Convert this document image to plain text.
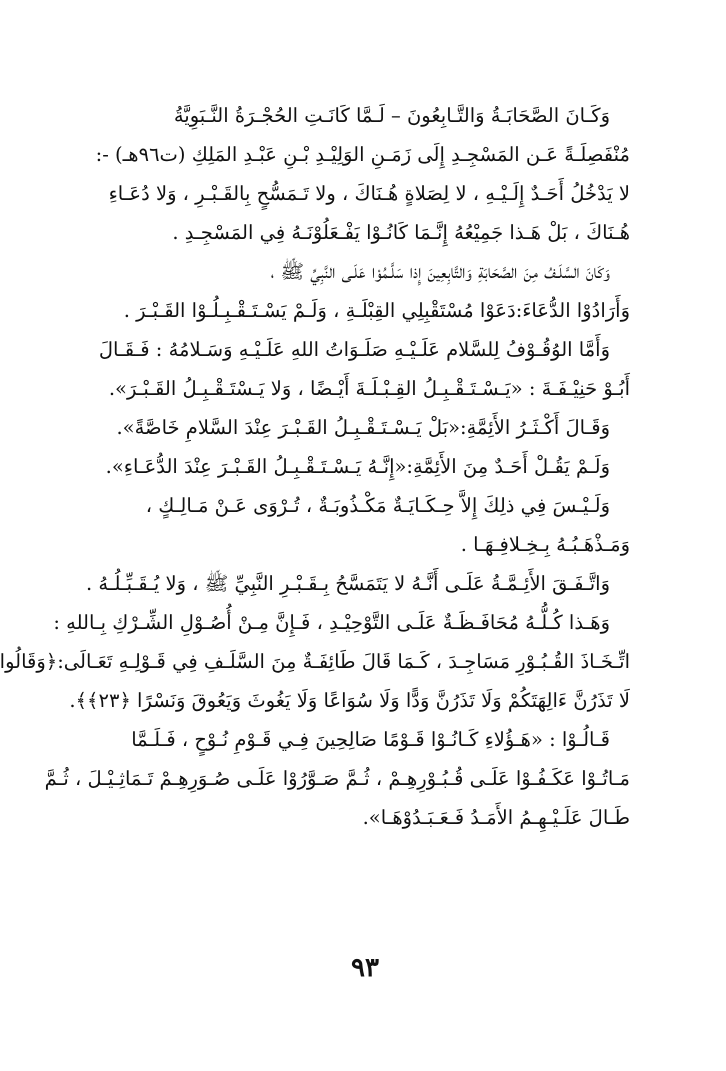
وَكَـانَ الصَّحَابَـةُ وَالتَّـابِعُونَ – لَـمَّا كَانَـتِ الحُجْـرَةُ النَّـبَوِيَّةُ
مُنْفَصِلَـةً عَـن المَسْجِـدِ إِلَى زَمَـنِ الوَلِيْـدِ بْـنِ عَبْـدِ المَلِكِ (ت٩٦هـ) -:
لا يَدْخُلُ أَحَـدٌ إِلَـيْـهِ ، لا لِصَلاةٍ هُـنَاكَ ، ولا تَـمَسُّحٍ بِالقَـبْـرِ ، وَلا دُعَـاءِ
هُـنَاكَ ، بَلْ هَـذا جَمِيْعُهُ إِنَّـمَا كَانُـوْا يَفْـعَلُوْنَـهُ فِي المَسْجِـدِ .

وَكَانَ السَّلَـفُ مِنَ الصَّحَابَةِ وَالتَّابِعِينَ إِذا سَلَّـمُوْا عَلَـى النَّبِيِّ ﷺ ،
وَأَرَادُوْا الدُّعَاءَ:دَعَوْا مُسْتَقْبِلِي القِبْلَـةِ ، وَلَـمْ يَسْـتَـقْـبِـلُـوْا القَـبْـرَ .

وَأَمَّا الوُقُـوْفُ لِلسَّلام عَلَـيْـهِ صَلَـوَاتُ اللهِ عَلَـيْـهِ وَسَـلامُهُ : فَـقَـالَ
أَبُـوْ حَنِيْـفَـةَ : «يَـسْـتَـقْـبِـلُ القِـبْـلَـةَ أَيْـضًا ، وَلا يَـسْتَـقْـبِـلُ القَـبْـرَ».

وَقَـالَ أَكْـثَـرُ الأَئِمَّةِ:«بَلْ يَـسْـتَـقْـبِـلُ القَـبْـرَ عِنْدَ السَّلامِ خَاصَّةً».

وَلَـمْ يَقُـلْ أَحَـدٌ مِنَ الأَئِمَّةِ:«إِنَّـهُ يَـسْـتَـقْـبِـلُ القَـبْـرَ عِنْدَ الدُّعَـاءِ».

وَلَـيْـسَ فِي ذلِكَ إِلاَّ حِـكَـايَـةٌ مَكْـذُوبَـةٌ ، تُـرْوَى عَـنْ مَـالِـكٍ ،
وَمَـذْهَـبُـهُ بِـخِـلافِـهَـا .

وَاتَّـفَـقَ الأَئِـمَّـةُ عَلَـى أَنَّـهُ لا يَتَمَسَّحُ بِـقَـبْـرِ النَّبِيِّ ﷺ ، وَلا يُـقَـبِّـلُـهُ .

وَهَـذا كُـلُّـهُ مُحَافَـظَـةٌ عَلَـى التَّوْحِيْـدِ ، فَـإِنَّ مِـنْ أُصُـوْلِ الشِّـرْكِ بِـاللهِ :
اتِّـخَـاذَ القُـبُـوْرِ مَسَاجِـدَ ، كَـمَا قَالَ طَائِفَـةٌ مِنَ السَّلَـفِ فِي قَـوْلِـهِ تَعَـالَى:﴿وَقَالُوا
لَا تَذَرُنَّ ءَالِهَتَكُمْ وَلَا تَذَرُنَّ وَدًّا وَلَا سُوَاعًا وَلَا يَغُوثَ وَيَعُوقَ وَنَسْرًا ﴿٢٣﴾﴾.

قَـالُـوْا : «هَـؤُلاءِ كَـانُـوْا قَـوْمًا صَالِحِينَ فِـي قَـوْمِ نُـوْحٍ ، فَـلَـمَّا
مَـاتُـوْا عَكَـفُـوْا عَلَـى قُـبُـوْرِهِـمْ ، ثُـمَّ صَـوَّرُوْا عَلَـى صُـوَرِهِـمْ تَـمَاثِـيْـلَ ، ثُـمَّ
طَـالَ عَلَـيْـهِـمُ الأَمَـدُ فَـعَـبَـدُوْهَـا».

٩٣
